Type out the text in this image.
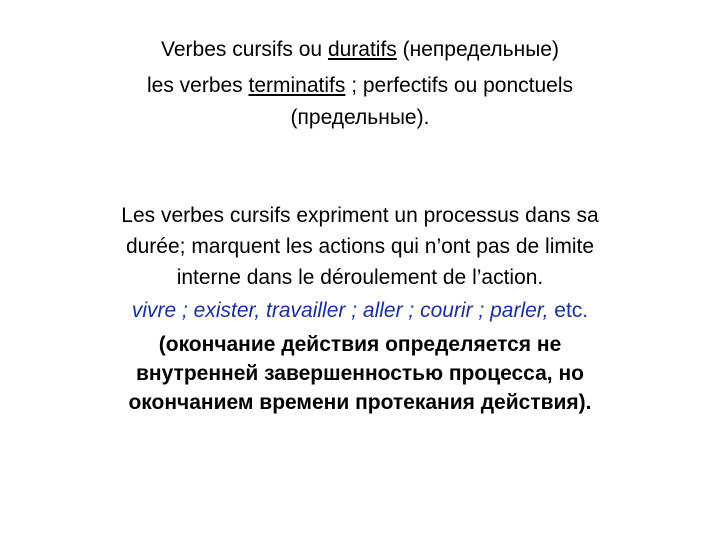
Verbes cursifs ou duratifs (непредельные)
les verbes terminatifs ; perfectifs ou ponctuels
(предельные).
Les verbes cursifs expriment un processus dans sa
durée; marquent les actions qui n’ont pas de limite
interne dans le déroulement de l’action.
vivre ; exister, travailler ; aller ; courir ; parler, etc.
(окончание действия определяется не
внутренней завершенностью процесса, но
окончанием времени протекания действия).
